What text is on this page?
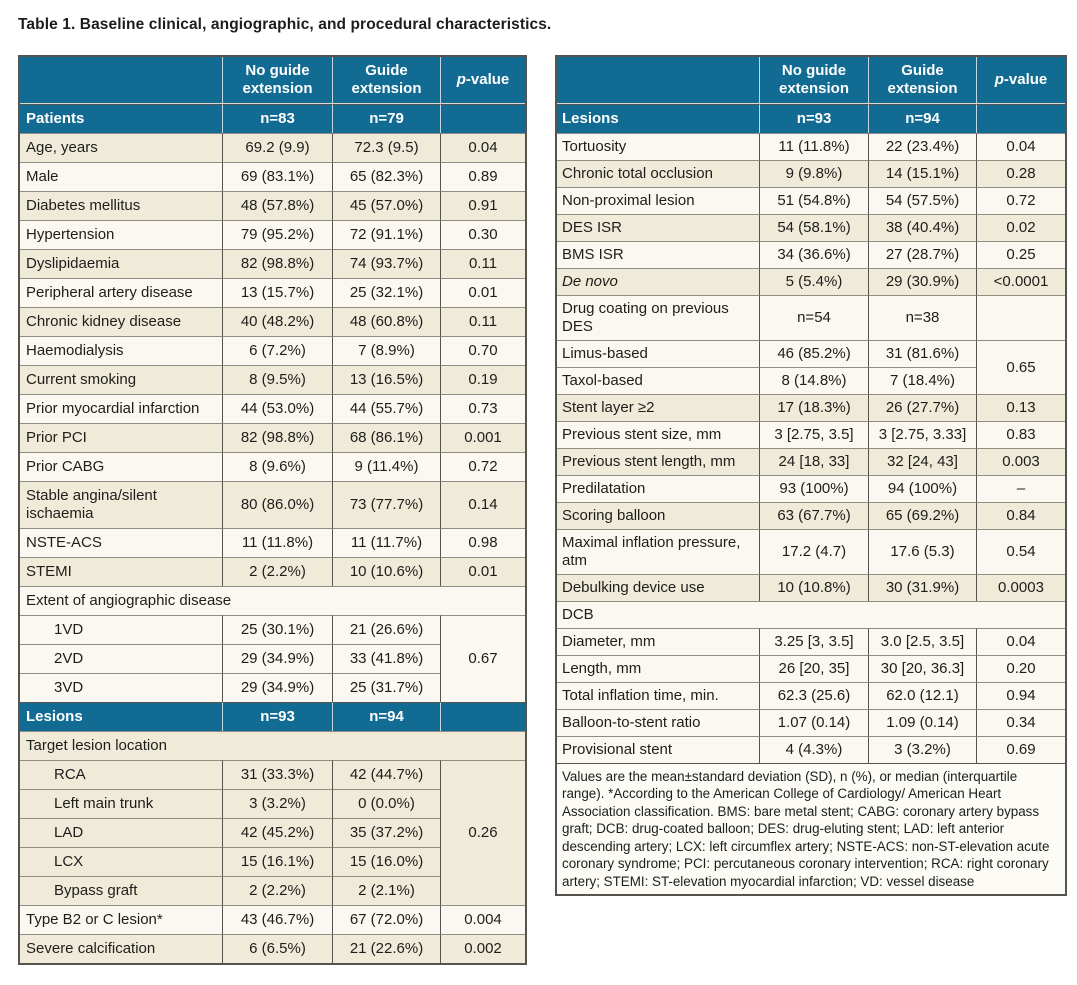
Table 1. Baseline clinical, angiographic, and procedural characteristics.
	No guide extension	Guide extension	p-value
Patients	n=83	n=79	
Age, years	69.2 (9.9)	72.3 (9.5)	0.04
Male	69 (83.1%)	65 (82.3%)	0.89
Diabetes mellitus	48 (57.8%)	45 (57.0%)	0.91
Hypertension	79 (95.2%)	72 (91.1%)	0.30
Dyslipidaemia	82 (98.8%)	74 (93.7%)	0.11
Peripheral artery disease	13 (15.7%)	25 (32.1%)	0.01
Chronic kidney disease	40 (48.2%)	48 (60.8%)	0.11
Haemodialysis	6 (7.2%)	7 (8.9%)	0.70
Current smoking	8 (9.5%)	13 (16.5%)	0.19
Prior myocardial infarction	44 (53.0%)	44 (55.7%)	0.73
Prior PCI	82 (98.8%)	68 (86.1%)	0.001
Prior CABG	8 (9.6%)	9 (11.4%)	0.72
Stable angina/silent ischaemia	80 (86.0%)	73 (77.7%)	0.14
NSTE-ACS	11 (11.8%)	11 (11.7%)	0.98
STEMI	2 (2.2%)	10 (10.6%)	0.01
Extent of angiographic disease			
1VD	25 (30.1%)	21 (26.6%)	0.67
2VD	29 (34.9%)	33 (41.8%)	
3VD	29 (34.9%)	25 (31.7%)	
Lesions	n=93	n=94	
Target lesion location			
RCA	31 (33.3%)	42 (44.7%)	0.26
Left main trunk	3 (3.2%)	0 (0.0%)	
LAD	42 (45.2%)	35 (37.2%)	
LCX	15 (16.1%)	15 (16.0%)	
Bypass graft	2 (2.2%)	2 (2.1%)	
Type B2 or C lesion*	43 (46.7%)	67 (72.0%)	0.004
Severe calcification	6 (6.5%)	21 (22.6%)	0.002
	No guide extension	Guide extension	p-value
Lesions	n=93	n=94	
Tortuosity	11 (11.8%)	22 (23.4%)	0.04
Chronic total occlusion	9 (9.8%)	14 (15.1%)	0.28
Non-proximal lesion	51 (54.8%)	54 (57.5%)	0.72
DES ISR	54 (58.1%)	38 (40.4%)	0.02
BMS ISR	34 (36.6%)	27 (28.7%)	0.25
De novo	5 (5.4%)	29 (30.9%)	<0.0001
Drug coating on previous DES	n=54	n=38	
Limus-based	46 (85.2%)	31 (81.6%)	0.65
Taxol-based	8 (14.8%)	7 (18.4%)	
Stent layer ≥2	17 (18.3%)	26 (27.7%)	0.13
Previous stent size, mm	3 [2.75, 3.5]	3 [2.75, 3.33]	0.83
Previous stent length, mm	24 [18, 33]	32 [24, 43]	0.003
Predilatation	93 (100%)	94 (100%)	–
Scoring balloon	63 (67.7%)	65 (69.2%)	0.84
Maximal inflation pressure, atm	17.2 (4.7)	17.6 (5.3)	0.54
Debulking device use	10 (10.8%)	30 (31.9%)	0.0003
DCB			
Diameter, mm	3.25 [3, 3.5]	3.0 [2.5, 3.5]	0.04
Length, mm	26 [20, 35]	30 [20, 36.3]	0.20
Total inflation time, min.	62.3 (25.6)	62.0 (12.1)	0.94
Balloon-to-stent ratio	1.07 (0.14)	1.09 (0.14)	0.34
Provisional stent	4 (4.3%)	3 (3.2%)	0.69
Values are the mean±standard deviation (SD), n (%), or median (interquartile range). *According to the American College of Cardiology/ American Heart Association classification. BMS: bare metal stent; CABG: coronary artery bypass graft; DCB: drug-coated balloon; DES: drug-eluting stent; LAD: left anterior descending artery; LCX: left circumflex artery; NSTE-ACS: non-ST-elevation acute coronary syndrome; PCI: percutaneous coronary intervention; RCA: right coronary artery; STEMI: ST-elevation myocardial infarction; VD: vessel disease			
